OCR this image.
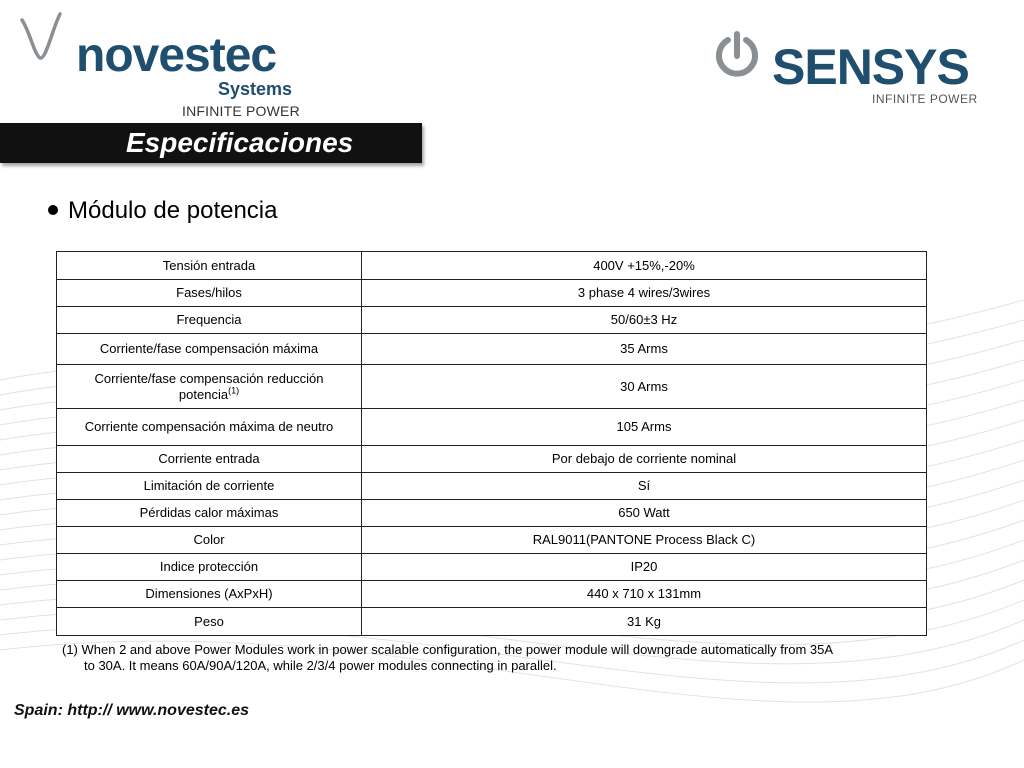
novestec
Systems
INFINITE POWER
SENSYS
INFINITE POWER
Especificaciones
Módulo de potencia
Tensión entrada	400V +15%,-20%
Fases/hilos	3 phase 4 wires/3wires
Frequencia	50/60±3 Hz
Corriente/fase compensación máxima	35 Arms
Corriente/fase compensación reducción potencia$^{(1)}$	30 Arms
Corriente compensación máxima de neutro	105 Arms
Corriente entrada	Por debajo de corriente nominal
Limitación de corriente	Sí
Pérdidas calor máximas	650 Watt
Color	RAL9011(PANTONE Process Black C)
Indice protección	IP20
Dimensiones (AxPxH)	440 x 710 x 131mm
Peso	31 Kg
(1) When 2 and above Power Modules work in power scalable configuration, the power module will downgrade automatically from 35A
to 30A. It means 60A/90A/120A, while 2/3/4 power modules connecting in parallel.
Spain: http:// www.novestec.es
